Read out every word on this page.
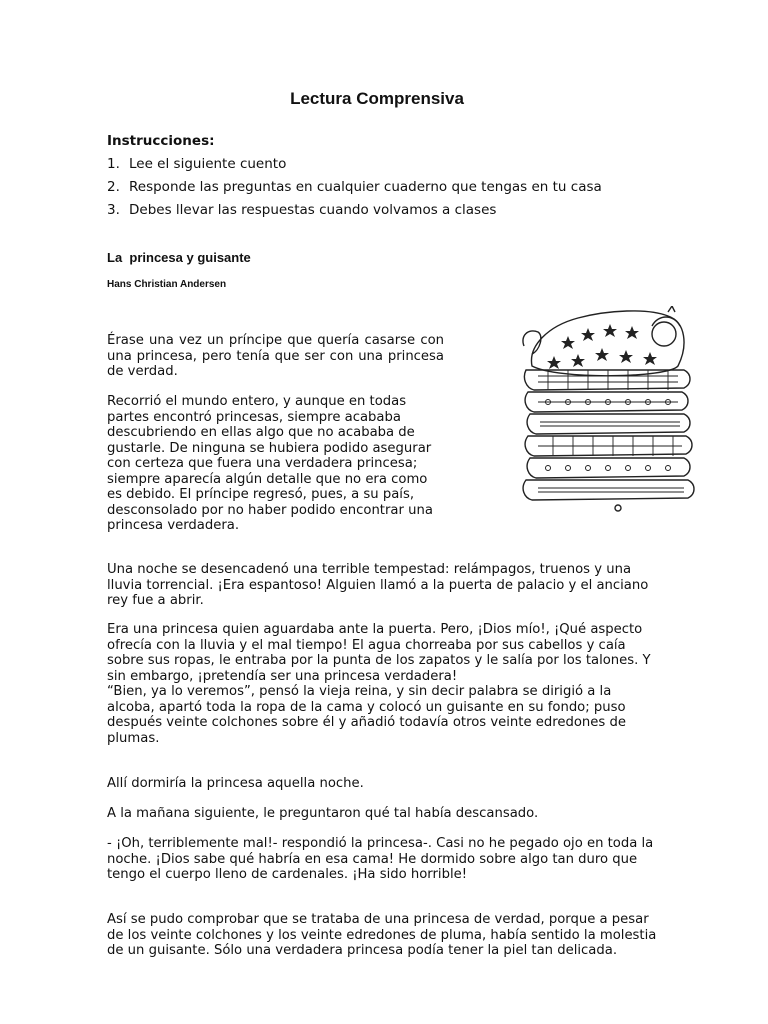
Lectura Comprensiva

Instrucciones:

1. Lee el siguiente cuento
2. Responde las preguntas en cualquier cuaderno que tengas en tu casa
3. Debes llevar las respuestas cuando volvamos a clases

La  princesa y guisante

Hans Christian Andersen

Érase una vez un príncipe que quería casarse con una princesa, pero tenía que ser con una princesa de verdad.

Recorrió el mundo entero, y aunque en todas partes encontró princesas, siempre acababa descubriendo en ellas algo que no acababa de gustarle. De ninguna se hubiera podido asegurar con certeza que fuera una verdadera princesa; siempre aparecía algún detalle que no era como es debido. El príncipe regresó, pues, a su país, desconsolado por no haber podido encontrar una princesa verdadera.

Una noche se desencadenó una terrible tempestad: relámpagos, truenos y una lluvia torrencial. ¡Era espantoso! Alguien llamó a la puerta de palacio y el anciano rey fue a abrir.

Era una princesa quien aguardaba ante la puerta. Pero, ¡Dios mío!, ¡Qué aspecto ofrecía con la lluvia y el mal tiempo! El agua chorreaba por sus cabellos y caía sobre sus ropas, le entraba por la punta de los zapatos y le salía por los talones. Y sin embargo, ¡pretendía ser una princesa verdadera!
“Bien, ya lo veremos”, pensó la vieja reina, y sin decir palabra se dirigió a la alcoba, apartó toda la ropa de la cama y colocó un guisante en su fondo; puso después veinte colchones sobre él y añadió todavía otros veinte edredones de plumas.

Allí dormiría la princesa aquella noche.

A la mañana siguiente, le preguntaron qué tal había descansado.

- ¡Oh, terriblemente mal!- respondió la princesa-. Casi no he pegado ojo en toda la noche. ¡Dios sabe qué habría en esa cama! He dormido sobre algo tan duro que tengo el cuerpo lleno de cardenales. ¡Ha sido horrible!

Así se pudo comprobar que se trataba de una princesa de verdad, porque a pesar de los veinte colchones y los veinte edredones de pluma, había sentido la molestia de un guisante. Sólo una verdadera princesa podía tener la piel tan delicada.
